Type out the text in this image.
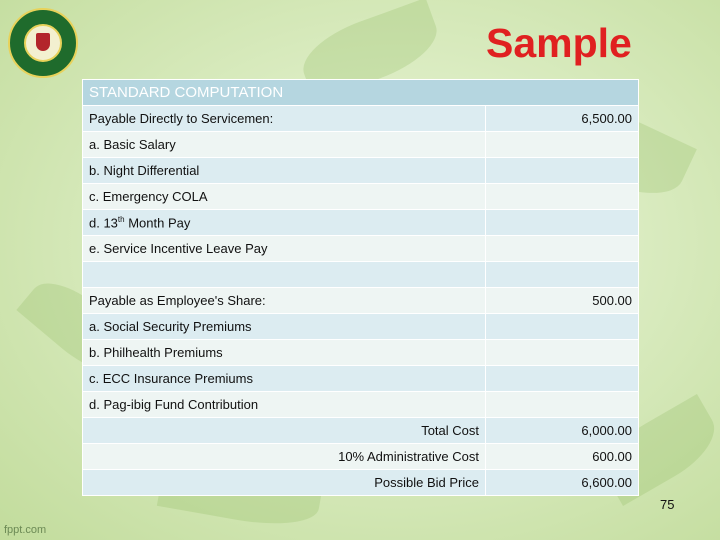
Sample
STANDARD COMPUTATION	
Payable Directly to Servicemen:	6,500.00
a. Basic Salary	
b. Night Differential	
c. Emergency COLA	
d. 13th Month Pay	
e. Service Incentive Leave Pay	

Payable as Employee's Share:	500.00
a. Social Security Premiums	
b. Philhealth Premiums	
c. ECC Insurance Premiums	
d. Pag-ibig Fund Contribution	
Total Cost	6,000.00
10% Administrative Cost	600.00
Possible Bid Price	6,600.00
75
fppt.com
